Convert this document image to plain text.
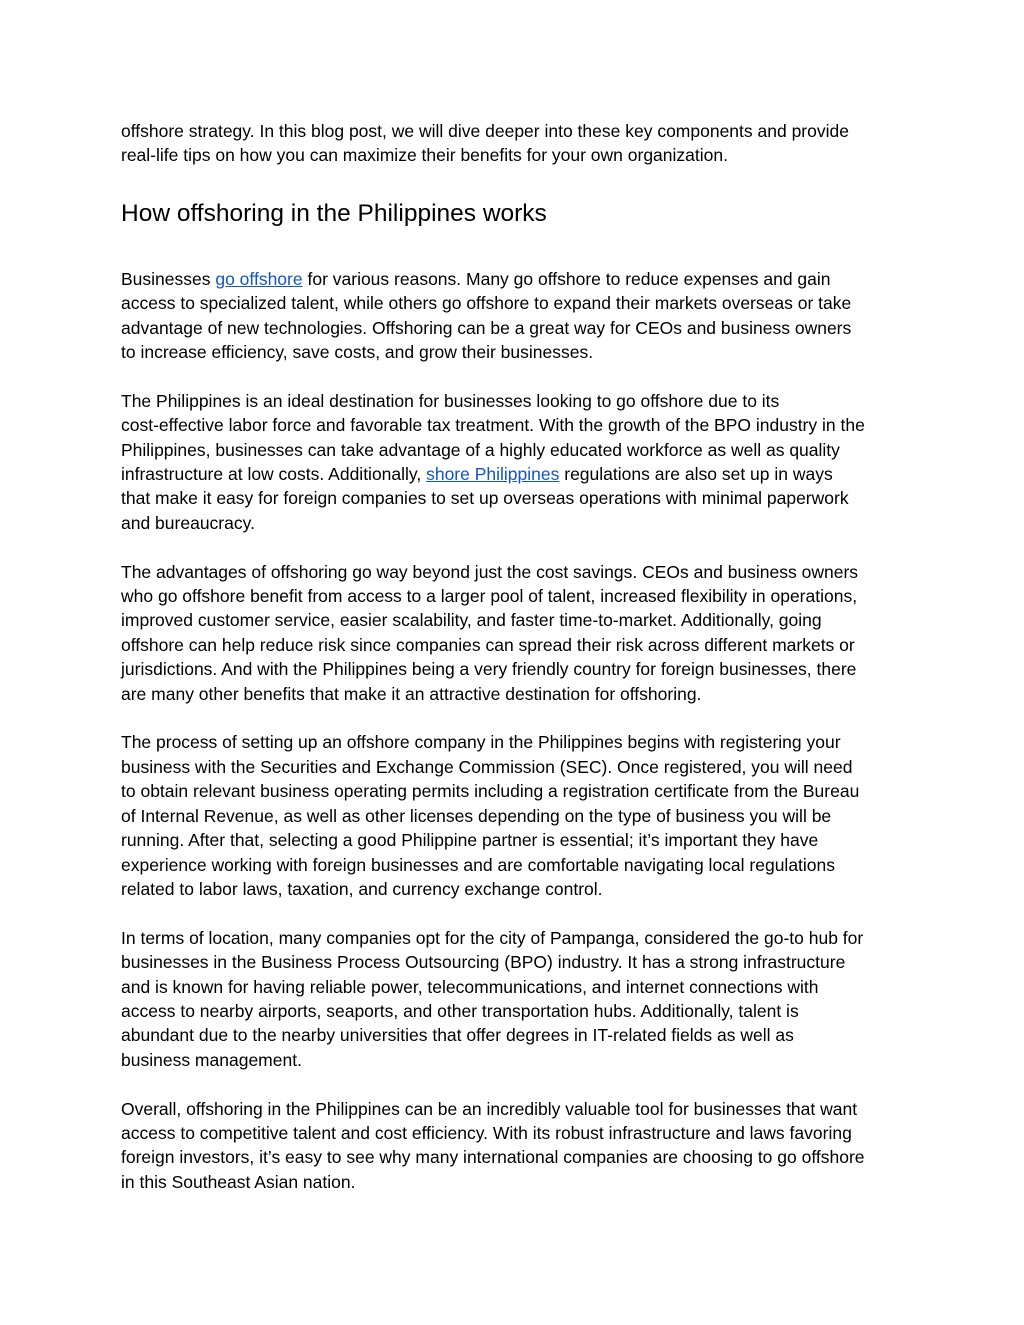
offshore strategy. In this blog post, we will dive deeper into these key components and provide
real-life tips on how you can maximize their benefits for your own organization.

How offshoring in the Philippines works

Businesses go offshore for various reasons. Many go offshore to reduce expenses and gain
access to specialized talent, while others go offshore to expand their markets overseas or take
advantage of new technologies. Offshoring can be a great way for CEOs and business owners
to increase efficiency, save costs, and grow their businesses.

The Philippines is an ideal destination for businesses looking to go offshore due to its
cost-effective labor force and favorable tax treatment. With the growth of the BPO industry in the
Philippines, businesses can take advantage of a highly educated workforce as well as quality
infrastructure at low costs. Additionally, shore Philippines regulations are also set up in ways
that make it easy for foreign companies to set up overseas operations with minimal paperwork
and bureaucracy.

The advantages of offshoring go way beyond just the cost savings. CEOs and business owners
who go offshore benefit from access to a larger pool of talent, increased flexibility in operations,
improved customer service, easier scalability, and faster time-to-market. Additionally, going
offshore can help reduce risk since companies can spread their risk across different markets or
jurisdictions. And with the Philippines being a very friendly country for foreign businesses, there
are many other benefits that make it an attractive destination for offshoring.

The process of setting up an offshore company in the Philippines begins with registering your
business with the Securities and Exchange Commission (SEC). Once registered, you will need
to obtain relevant business operating permits including a registration certificate from the Bureau
of Internal Revenue, as well as other licenses depending on the type of business you will be
running. After that, selecting a good Philippine partner is essential; it’s important they have
experience working with foreign businesses and are comfortable navigating local regulations
related to labor laws, taxation, and currency exchange control.

In terms of location, many companies opt for the city of Pampanga, considered the go-to hub for
businesses in the Business Process Outsourcing (BPO) industry. It has a strong infrastructure
and is known for having reliable power, telecommunications, and internet connections with
access to nearby airports, seaports, and other transportation hubs. Additionally, talent is
abundant due to the nearby universities that offer degrees in IT-related fields as well as
business management.

Overall, offshoring in the Philippines can be an incredibly valuable tool for businesses that want
access to competitive talent and cost efficiency. With its robust infrastructure and laws favoring
foreign investors, it’s easy to see why many international companies are choosing to go offshore
in this Southeast Asian nation.
